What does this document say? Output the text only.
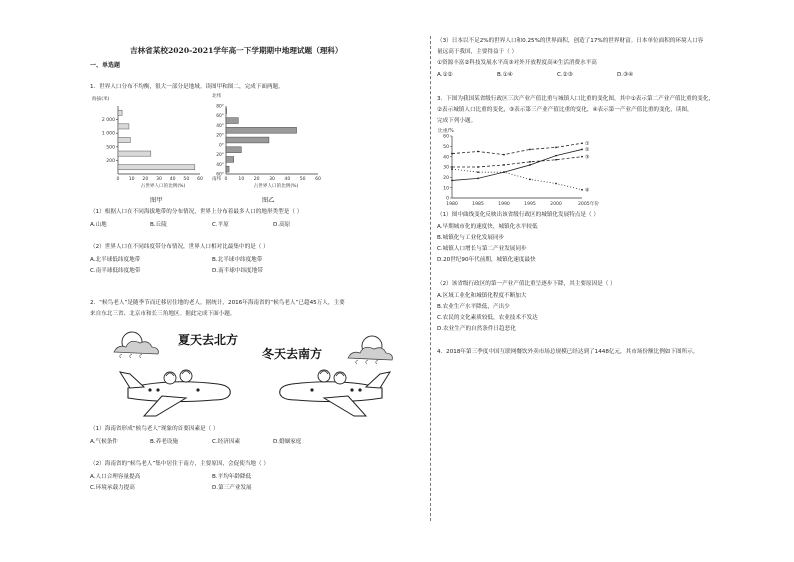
吉林省某校2020-2021学年高一下学期期中地理试题（理科）
一、单选题
1．世界人口分布不均衡，很大一部分是地域。读图甲和图二，完成下面两题。
海拔(米)
200
500
1 000
2 000
0 10 20 30 40 50 60
占世界人口的比例(%)
图甲
北纬
南纬
80°
60°
40°
20°
0°
20°
40°
60°
0 10 20 30 40 50 60
占世界人口的比例(%)
图乙
（1）根据人口在不同海拔地带的分布情况，世界上分布着最多人口的地形类型是（ ）
A.山地	B.丘陵	C.平原	D.高原
（2）世界人口在不同纬度带分布情况，世界人口相对比最集中的是（ ）
A.北半球低纬度地带	B.北半球中纬度地带
C.南半球低纬度地带	D.南半球中纬度地带
2．“候鸟老人”是随季节而迁移居住地的老人。据统计，2016年海南省的“候鸟老人”已超45万人，主要
来自东北三省、北京市和长三角地区。据此完成下面小题。
夏天去北方
冬天去南方
（1）海南省形成“候鸟老人”现象的首要因素是（ ）
A.气候条件	B.养老设施	C.经济因素	D.婚姻家庭
（2）海南省的“候鸟老人”集中居住于南方，主要原因，会促使当地（ ）
A.人口合理容量提高	B.平均年龄降低
C.环境承载力提高	D.第三产业发展
（3）日本以不足2%的世界人口和0.25%的世界面积，创造了17%的世界财富。日本单位面积的环境人口容
量远高于我国，主要得益于（ ）
①资源丰富②科技发展水平高③对外开放程度高④生活消费水平高
A.①②	B.①④	C.②③	D.③④
3．下图为我国某省级行政区三次产业产值比重与城镇人口比重的变化图，其中①表示第二产业产值比重的变化，
②表示城镇人口比重的变化，③表示第三产业产值比重的变化，④表示第一产业产值比重的变化，读图，
完成下列小题。
比重/%
0
10
20
30
40
50
60
1980	1985	1990	1995	2000	2005年份
①
②
③
④
（1）图中曲线变化反映出该省级行政区的城镇化发展特点是（ ）
A.早期城市化的速度快，城镇化水平较低
B.城镇化与工业化发展同步
C.城镇人口增长与第二产业发展同步
D.20世纪90年代前期，城镇化速度最快
（2）该省级行政区的第一产业产值比重呈逐步下降，其主要原因是（ ）
A.区域工业化和城镇化程度不断加大
B.农业生产水平降低，产出少
C.农民的文化素质较低，农业技术不发达
D.农业生产的自然条件日趋恶化
4．2018年第三季度中国互联网餐饮外卖市场总规模已经达到了1448亿元，其市场份额比例如下图所示。
